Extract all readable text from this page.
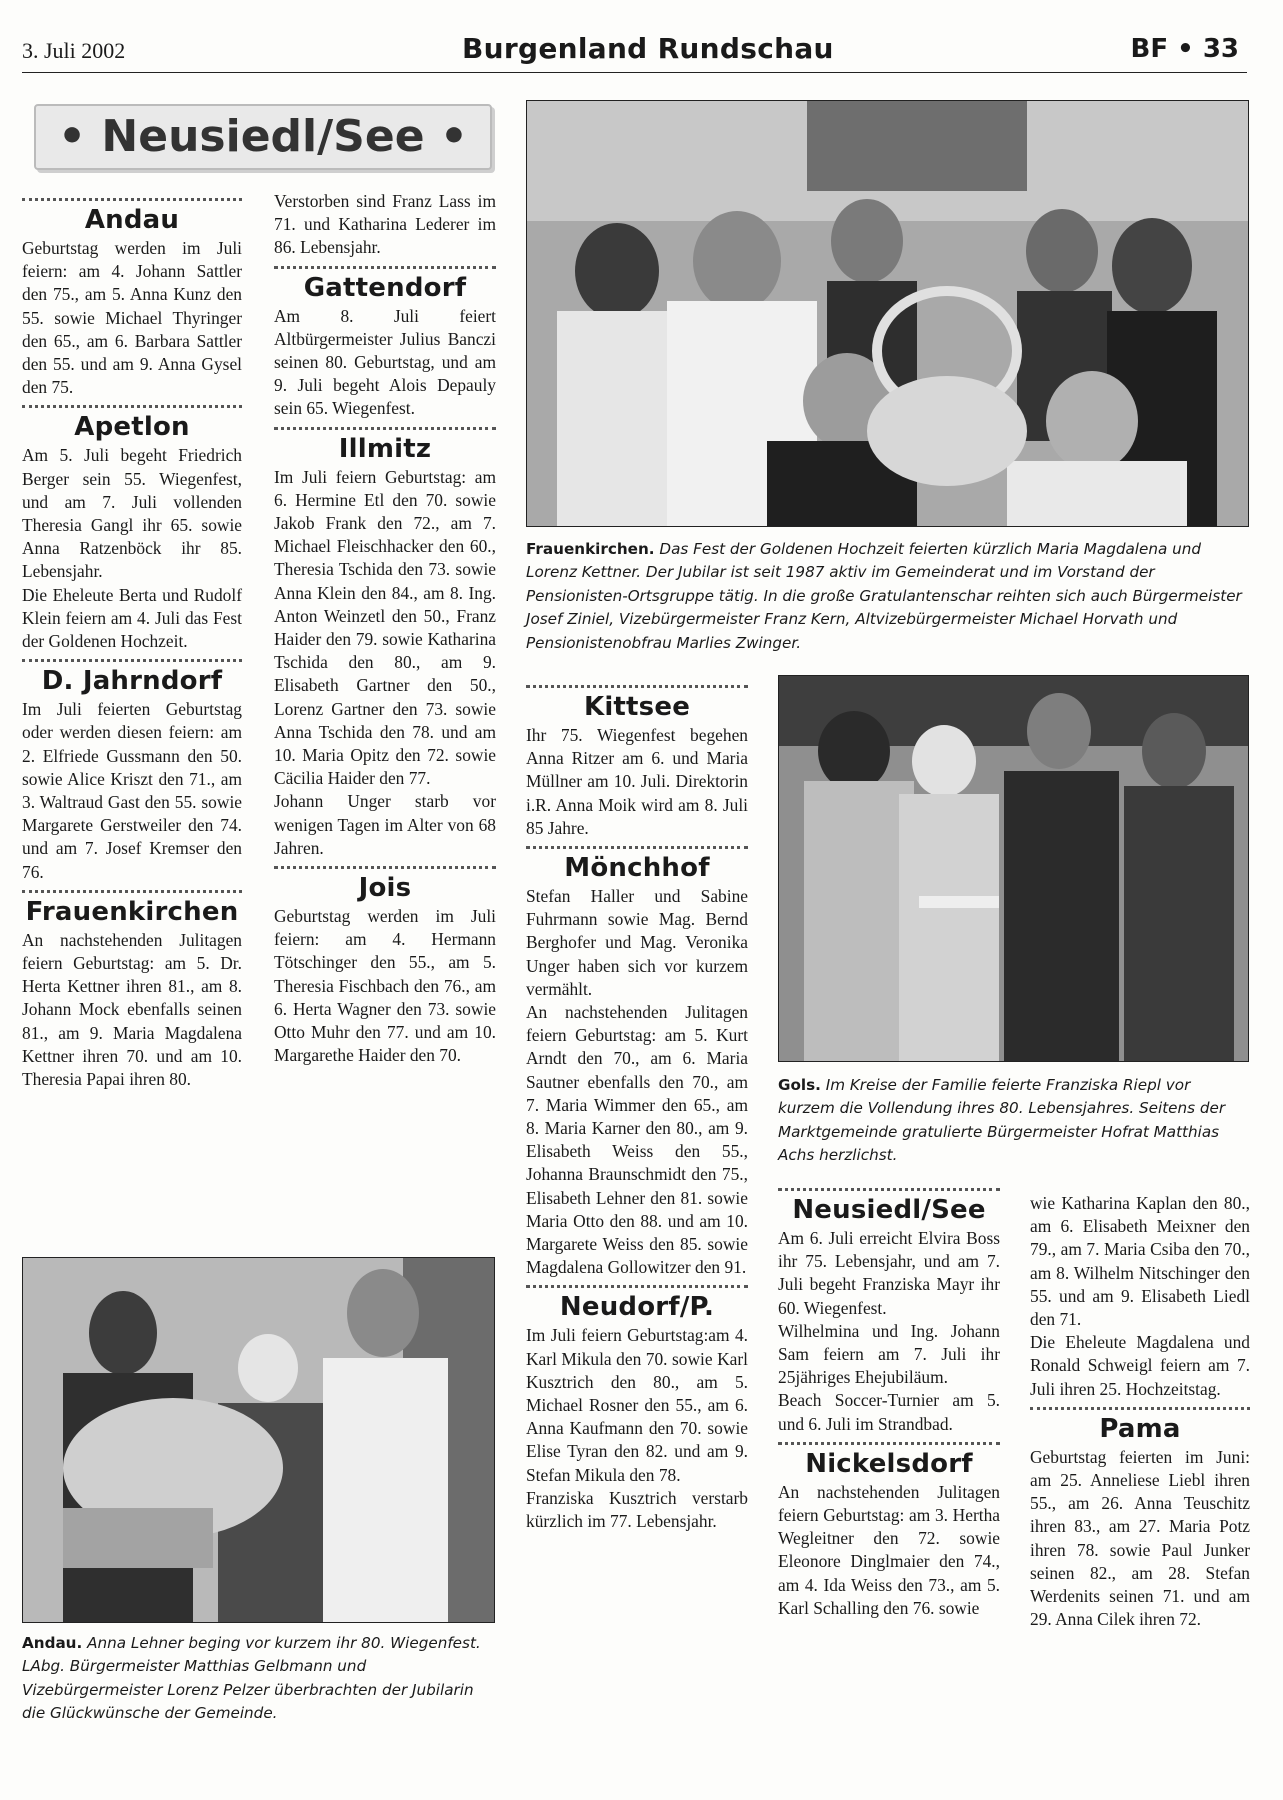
3. Juli 2002	Burgenland Rundschau	BF • 33
• Neusiedl/See •
Andau

Geburtstag werden im Juli feiern: am 4. Johann Sattler den 75., am 5. Anna Kunz den 55. sowie Michael Thyringer den 65., am 6. Barbara Sattler den 55. und am 9. Anna Gysel den 75.

Apetlon

Am 5. Juli begeht Friedrich Berger sein 55. Wiegenfest, und am 7. Juli vollenden Theresia Gangl ihr 65. sowie Anna Ratzenböck ihr 85. Lebensjahr.

Die Eheleute Berta und Rudolf Klein feiern am 4. Juli das Fest der Goldenen Hochzeit.

D. Jahrndorf

Im Juli feierten Geburtstag oder werden diesen feiern: am 2. Elfriede Gussmann den 50. sowie Alice Kriszt den 71., am 3. Waltraud Gast den 55. sowie Margarete Gerstweiler den 74. und am 7. Josef Kremser den 76.

Frauenkirchen

An nachstehenden Julitagen feiern Geburtstag: am 5. Dr. Herta Kettner ihren 81., am 8. Johann Mock ebenfalls seinen 81., am 9. Maria Magdalena Kettner ihren 70. und am 10. Theresia Papai ihren 80.

Verstorben sind Franz Lass im 71. und Katharina Lederer im 86. Lebensjahr.

Gattendorf

Am 8. Juli feiert Altbürgermeister Julius Banczi seinen 80. Geburtstag, und am 9. Juli begeht Alois Depauly sein 65. Wiegenfest.

Illmitz

Im Juli feiern Geburtstag: am 6. Hermine Etl den 70. sowie Jakob Frank den 72., am 7. Michael Fleischhacker den 60., Theresia Tschida den 73. sowie Anna Klein den 84., am 8. Ing. Anton Weinzetl den 50., Franz Haider den 79. sowie Katharina Tschida den 80., am 9. Elisabeth Gartner den 50., Lorenz Gartner den 73. sowie Anna Tschida den 78. und am 10. Maria Opitz den 72. sowie Cäcilia Haider den 77.

Johann Unger starb vor wenigen Tagen im Alter von 68 Jahren.

Jois

Geburtstag werden im Juli feiern: am 4. Hermann Tötschinger den 55., am 5. Theresia Fischbach den 76., am 6. Herta Wagner den 73. sowie Otto Muhr den 77. und am 10. Margarethe Haider den 70.

Kittsee

Ihr 75. Wiegenfest begehen Anna Ritzer am 6. und Maria Müllner am 10. Juli. Direktorin i.R. Anna Moik wird am 8. Juli 85 Jahre.

Mönchhof

Stefan Haller und Sabine Fuhrmann sowie Mag. Bernd Berghofer und Mag. Veronika Unger haben sich vor kurzem vermählt.

An nachstehenden Julitagen feiern Geburtstag: am 5. Kurt Arndt den 70., am 6. Maria Sautner ebenfalls den 70., am 7. Maria Wimmer den 65., am 8. Maria Karner den 80., am 9. Elisabeth Weiss den 55., Johanna Braunschmidt den 75., Elisabeth Lehner den 81. sowie Maria Otto den 88. und am 10. Margarete Weiss den 85. sowie Magdalena Gollowitzer den 91.

Neudorf/P.

Im Juli feiern Geburtstag:am 4. Karl Mikula den 70. sowie Karl Kusztrich den 80., am 5. Michael Rosner den 55., am 6. Anna Kaufmann den 70. sowie Elise Tyran den 82. und am 9. Stefan Mikula den 78.

Franziska Kusztrich verstarb kürzlich im 77. Lebensjahr.

Neusiedl/See

Am 6. Juli erreicht Elvira Boss ihr 75. Lebensjahr, und am 7. Juli begeht Franziska Mayr ihr 60. Wiegenfest.

Wilhelmina und Ing. Johann Sam feiern am 7. Juli ihr 25jähriges Ehejubiläum.

Beach Soccer-Turnier am 5. und 6. Juli im Strandbad.

Nickelsdorf

An nachstehenden Julitagen feiern Geburtstag: am 3. Hertha Wegleitner den 72. sowie Eleonore Dinglmaier den 74., am 4. Ida Weiss den 73., am 5. Karl Schalling den 76. sowie

wie Katharina Kaplan den 80., am 6. Elisabeth Meixner den 79., am 7. Maria Csiba den 70., am 8. Wilhelm Nitschinger den 55. und am 9. Elisabeth Liedl den 71.

Die Eheleute Magdalena und Ronald Schweigl feiern am 7. Juli ihren 25. Hochzeitstag.

Pama

Geburtstag feierten im Juni: am 25. Anneliese Liebl ihren 55., am 26. Anna Teuschitz ihren 83., am 27. Maria Potz ihren 78. sowie Paul Junker seinen 82., am 28. Stefan Werdenits seinen 71. und am 29. Anna Cilek ihren 72.

Frauenkirchen. Das Fest der Goldenen Hochzeit feierten kürzlich Maria Magdalena und Lorenz Kettner. Der Jubilar ist seit 1987 aktiv im Gemeinderat und im Vorstand der Pensionisten-Ortsgruppe tätig. In die große Gratulantenschar reihten sich auch Bürgermeister Josef Ziniel, Vizebürgermeister Franz Kern, Altvizebürgermeister Michael Horvath und Pensionistenobfrau Marlies Zwinger.
Gols. Im Kreise der Familie feierte Franziska Riepl vor kurzem die Vollendung ihres 80. Lebensjahres. Seitens der Marktgemeinde gratulierte Bürgermeister Hofrat Matthias Achs herzlichst.
Andau. Anna Lehner beging vor kurzem ihr 80. Wiegenfest. LAbg. Bürgermeister Matthias Gelbmann und Vizebürgermeister Lorenz Pelzer überbrachten der Jubilarin die Glückwünsche der Gemeinde.
